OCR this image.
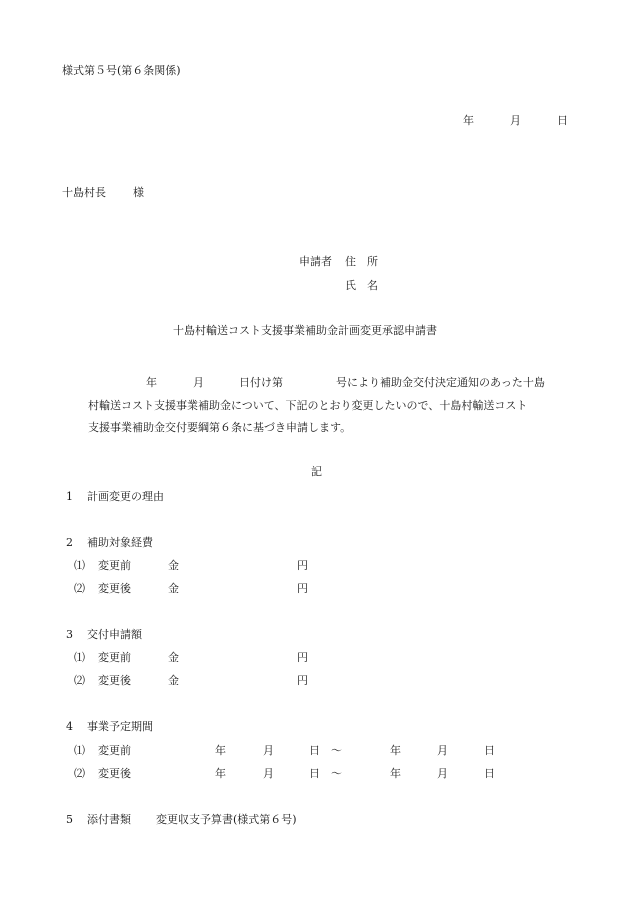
様式第５号(第６条関係)
年	月	日
十島村長 様
申請者 住　所
氏　名
十島村輸送コスト支援事業補助金計画変更承認申請書
年	月	日付け第	号により補助金交付決定通知のあった十島
村輸送コスト支援事業補助金について、下記のとおり変更したいので、十島村輸送コスト
支援事業補助金交付要綱第６条に基づき申請します。
記
1 計画変更の理由
2 補助対象経費
⑴ 変更前	金	円
⑵ 変更後	金	円
3 交付申請額
⑴ 変更前	金	円
⑵ 変更後	金	円
4 事業予定期間
⑴ 変更前	年	月	日 ～	年	月	日
⑵ 変更後	年	月	日 ～	年	月	日
5 添付書類 変更収支予算書(様式第６号)
